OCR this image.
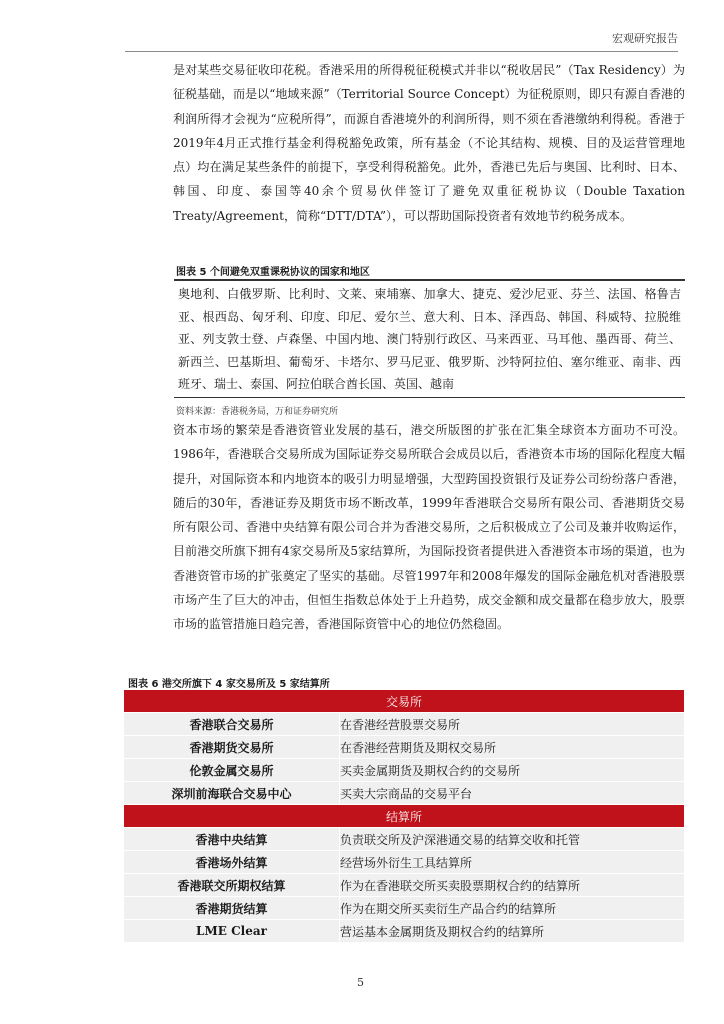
宏观研究报告

是对某些交易征收印花税。香港采用的所得税征税模式并非以“税收居民”（Tax Residency）为征税基础，而是以“地域来源”（Territorial Source Concept）为征税原则，即只有源自香港的利润所得才会视为“应税所得”，而源自香港境外的利润所得，则不须在香港缴纳利得税。香港于2019年4月正式推行基金利得税豁免政策，所有基金（不论其结构、规模、目的及运营管理地点）均在满足某些条件的前提下，享受利得税豁免。此外，香港已先后与奥国、比利时、日本、韩国、印度、泰国等40余个贸易伙伴签订了避免双重征税协议（Double Taxation Treaty/Agreement，简称“DTT/DTA”），可以帮助国际投资者有效地节约税务成本。

图表 5 个间避免双重课税协议的国家和地区

奥地利、白俄罗斯、比利时、文莱、柬埔寨、加拿大、捷克、爱沙尼亚、芬兰、法国、格鲁吉亚、根西岛、匈牙利、印度、印尼、爱尔兰、意大利、日本、泽西岛、韩国、科威特、拉脱维亚、列支敦士登、卢森堡、中国内地、澳门特别行政区、马来西亚、马耳他、墨西哥、荷兰、新西兰、巴基斯坦、葡萄牙、卡塔尔、罗马尼亚、俄罗斯、沙特阿拉伯、塞尔维亚、南非、西班牙、瑞士、泰国、阿拉伯联合酋长国、英国、越南

资料来源：香港税务局，万和证券研究所

资本市场的繁荣是香港资管业发展的基石，港交所版图的扩张在汇集全球资本方面功不可没。1986年，香港联合交易所成为国际证券交易所联合会成员以后，香港资本市场的国际化程度大幅提升，对国际资本和内地资本的吸引力明显增强，大型跨国投资银行及证券公司纷纷落户香港，随后的30年，香港证券及期货市场不断改革，1999年香港联合交易所有限公司、香港期货交易所有限公司、香港中央结算有限公司合并为香港交易所，之后积极成立了公司及兼并收购运作，目前港交所旗下拥有4家交易所及5家结算所，为国际投资者提供进入香港资本市场的渠道，也为香港资管市场的扩张奠定了坚实的基础。尽管1997年和2008年爆发的国际金融危机对香港股票市场产生了巨大的冲击，但恒生指数总体处于上升趋势，成交金额和成交量都在稳步放大，股票市场的监管措施日趋完善，香港国际资管中心的地位仍然稳固。

图表 6 港交所旗下 4 家交易所及 5 家结算所
交易所	
香港联合交易所	在香港经营股票交易所
香港期货交易所	在香港经营期货及期权交易所
伦敦金属交易所	买卖金属期货及期权合约的交易所
深圳前海联合交易中心	买卖大宗商品的交易平台
结算所	
香港中央结算	负责联交所及沪深港通交易的结算交收和托管
香港场外结算	经营场外衍生工具结算所
香港联交所期权结算	作为在香港联交所买卖股票期权合约的结算所
香港期货结算	作为在期交所买卖衍生产品合约的结算所
LME Clear	营运基本金属期货及期权合约的结算所
5
